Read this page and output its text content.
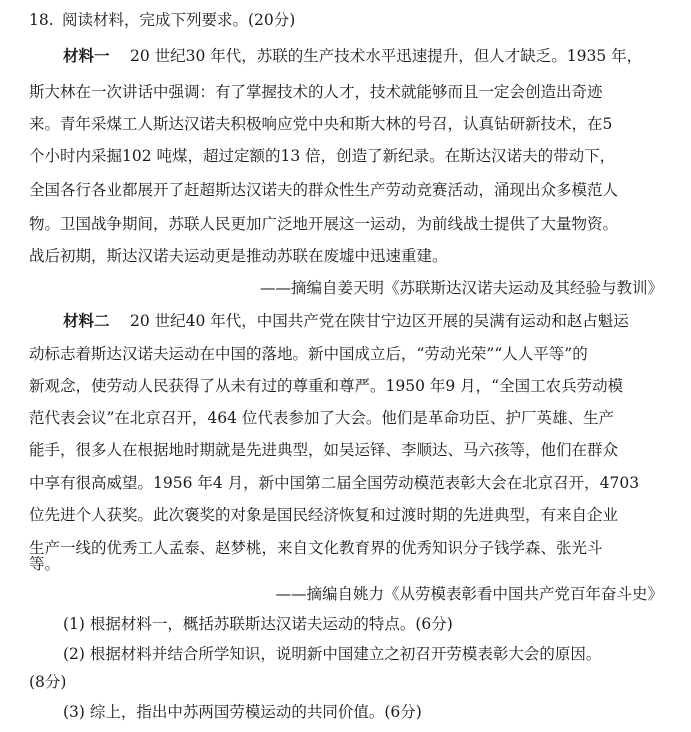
18. 阅读材料，完成下列要求。(20分)
材料一 20 世纪30 年代，苏联的生产技术水平迅速提升，但人才缺乏。1935 年，
斯大林在一次讲话中强调：有了掌握技术的人才，技术就能够而且一定会创造出奇迹
来。青年采煤工人斯达汉诺夫积极响应党中央和斯大林的号召，认真钻研新技术，在5
个小时内采掘102 吨煤，超过定额的13 倍，创造了新纪录。在斯达汉诺夫的带动下，
全国各行各业都展开了赶超斯达汉诺夫的群众性生产劳动竞赛活动，涌现出众多模范人
物。卫国战争期间，苏联人民更加广泛地开展这一运动，为前线战士提供了大量物资。
战后初期，斯达汉诺夫运动更是推动苏联在废墟中迅速重建。
——摘编自姜天明《苏联斯达汉诺夫运动及其经验与教训》
材料二 20 世纪40 年代，中国共产党在陕甘宁边区开展的吴满有运动和赵占魁运
动标志着斯达汉诺夫运动在中国的落地。新中国成立后，“劳动光荣”“人人平等”的
新观念，使劳动人民获得了从未有过的尊重和尊严。1950 年9 月，“全国工农兵劳动模
范代表会议”在北京召开，464 位代表参加了大会。他们是革命功臣、护厂英雄、生产
能手，很多人在根据地时期就是先进典型，如吴运铎、李顺达、马六孩等，他们在群众
中享有很高威望。1956 年4 月，新中国第二届全国劳动模范表彰大会在北京召开，4703
位先进个人获奖。此次褒奖的对象是国民经济恢复和过渡时期的先进典型，有来自企业
生产一线的优秀工人孟泰、赵梦桃，来自文化教育界的优秀知识分子钱学森、张光斗
等。
——摘编自姚力《从劳模表彰看中国共产党百年奋斗史》
(1) 根据材料一，概括苏联斯达汉诺夫运动的特点。(6分)
(2) 根据材料并结合所学知识，说明新中国建立之初召开劳模表彰大会的原因。
(8分)
(3) 综上，指出中苏两国劳模运动的共同价值。(6分)
